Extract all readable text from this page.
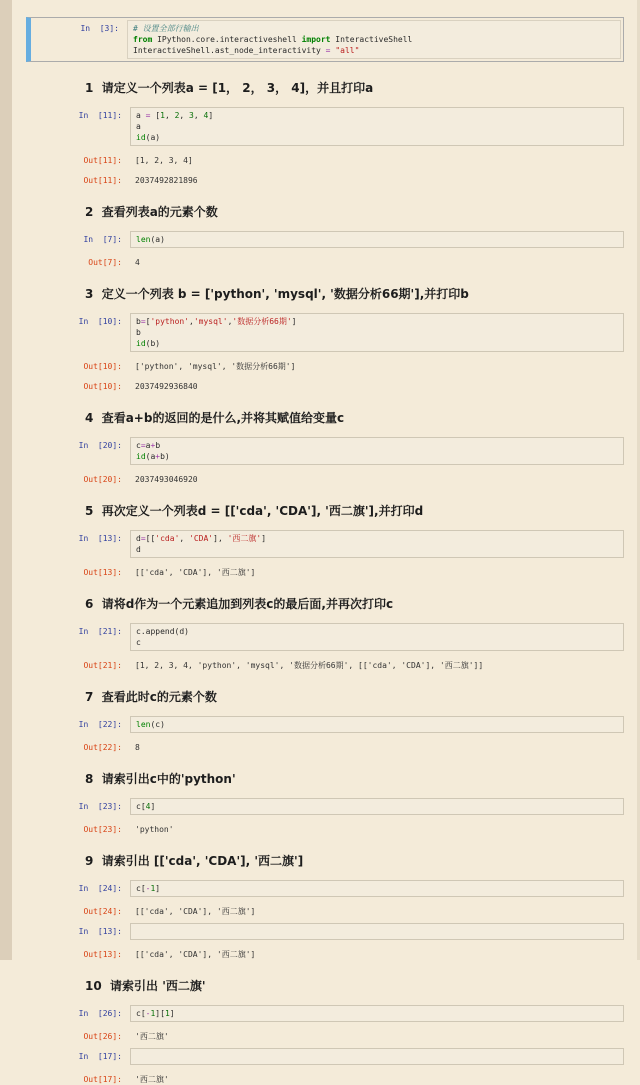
In  [3]:	# 设置全部行输出
from IPython.core.interactiveshell import InteractiveShell
InteractiveShell.ast_node_interactivity = "all"
1  请定义一个列表a = [1， 2， 3， 4]，并且打印a
In  [11]:	a = [1, 2, 3, 4]
a
id(a)
Out[11]:	[1, 2, 3, 4]
Out[11]:	2037492821896
2  查看列表a的元素个数
In  [7]:	len(a)
Out[7]:	4
3  定义一个列表 b = ['python', 'mysql', '数据分析66期'],并打印b
In  [10]:	b=['python','mysql','数据分析66期']
b
id(b)
Out[10]:	['python', 'mysql', '数据分析66期']
Out[10]:	2037492936840
4  查看a+b的返回的是什么,并将其赋值给变量c
In  [20]:	c=a+b
id(a+b)
Out[20]:	2037493046920
5  再次定义一个列表d = [['cda', 'CDA'], '西二旗'],并打印d
In  [13]:	d=[['cda', 'CDA'], '西二旗']
d
Out[13]:	[['cda', 'CDA'], '西二旗']
6  请将d作为一个元素追加到列表c的最后面,并再次打印c
In  [21]:	c.append(d)
c
Out[21]:	[1, 2, 3, 4, 'python', 'mysql', '数据分析66期', [['cda', 'CDA'], '西二旗']]
7  查看此时c的元素个数
In  [22]:	len(c)
Out[22]:	8
8  请索引出c中的'python'
In  [23]:	c[4]
Out[23]:	'python'
9  请索引出 [['cda', 'CDA'], '西二旗']
In  [24]:	c[-1]
Out[24]:	[['cda', 'CDA'], '西二旗']
In  [13]:
Out[13]:	[['cda', 'CDA'], '西二旗']
10  请索引出 '西二旗'
In  [26]:	c[-1][1]
Out[26]:	'西二旗'
In  [17]:
Out[17]:	'西二旗'
